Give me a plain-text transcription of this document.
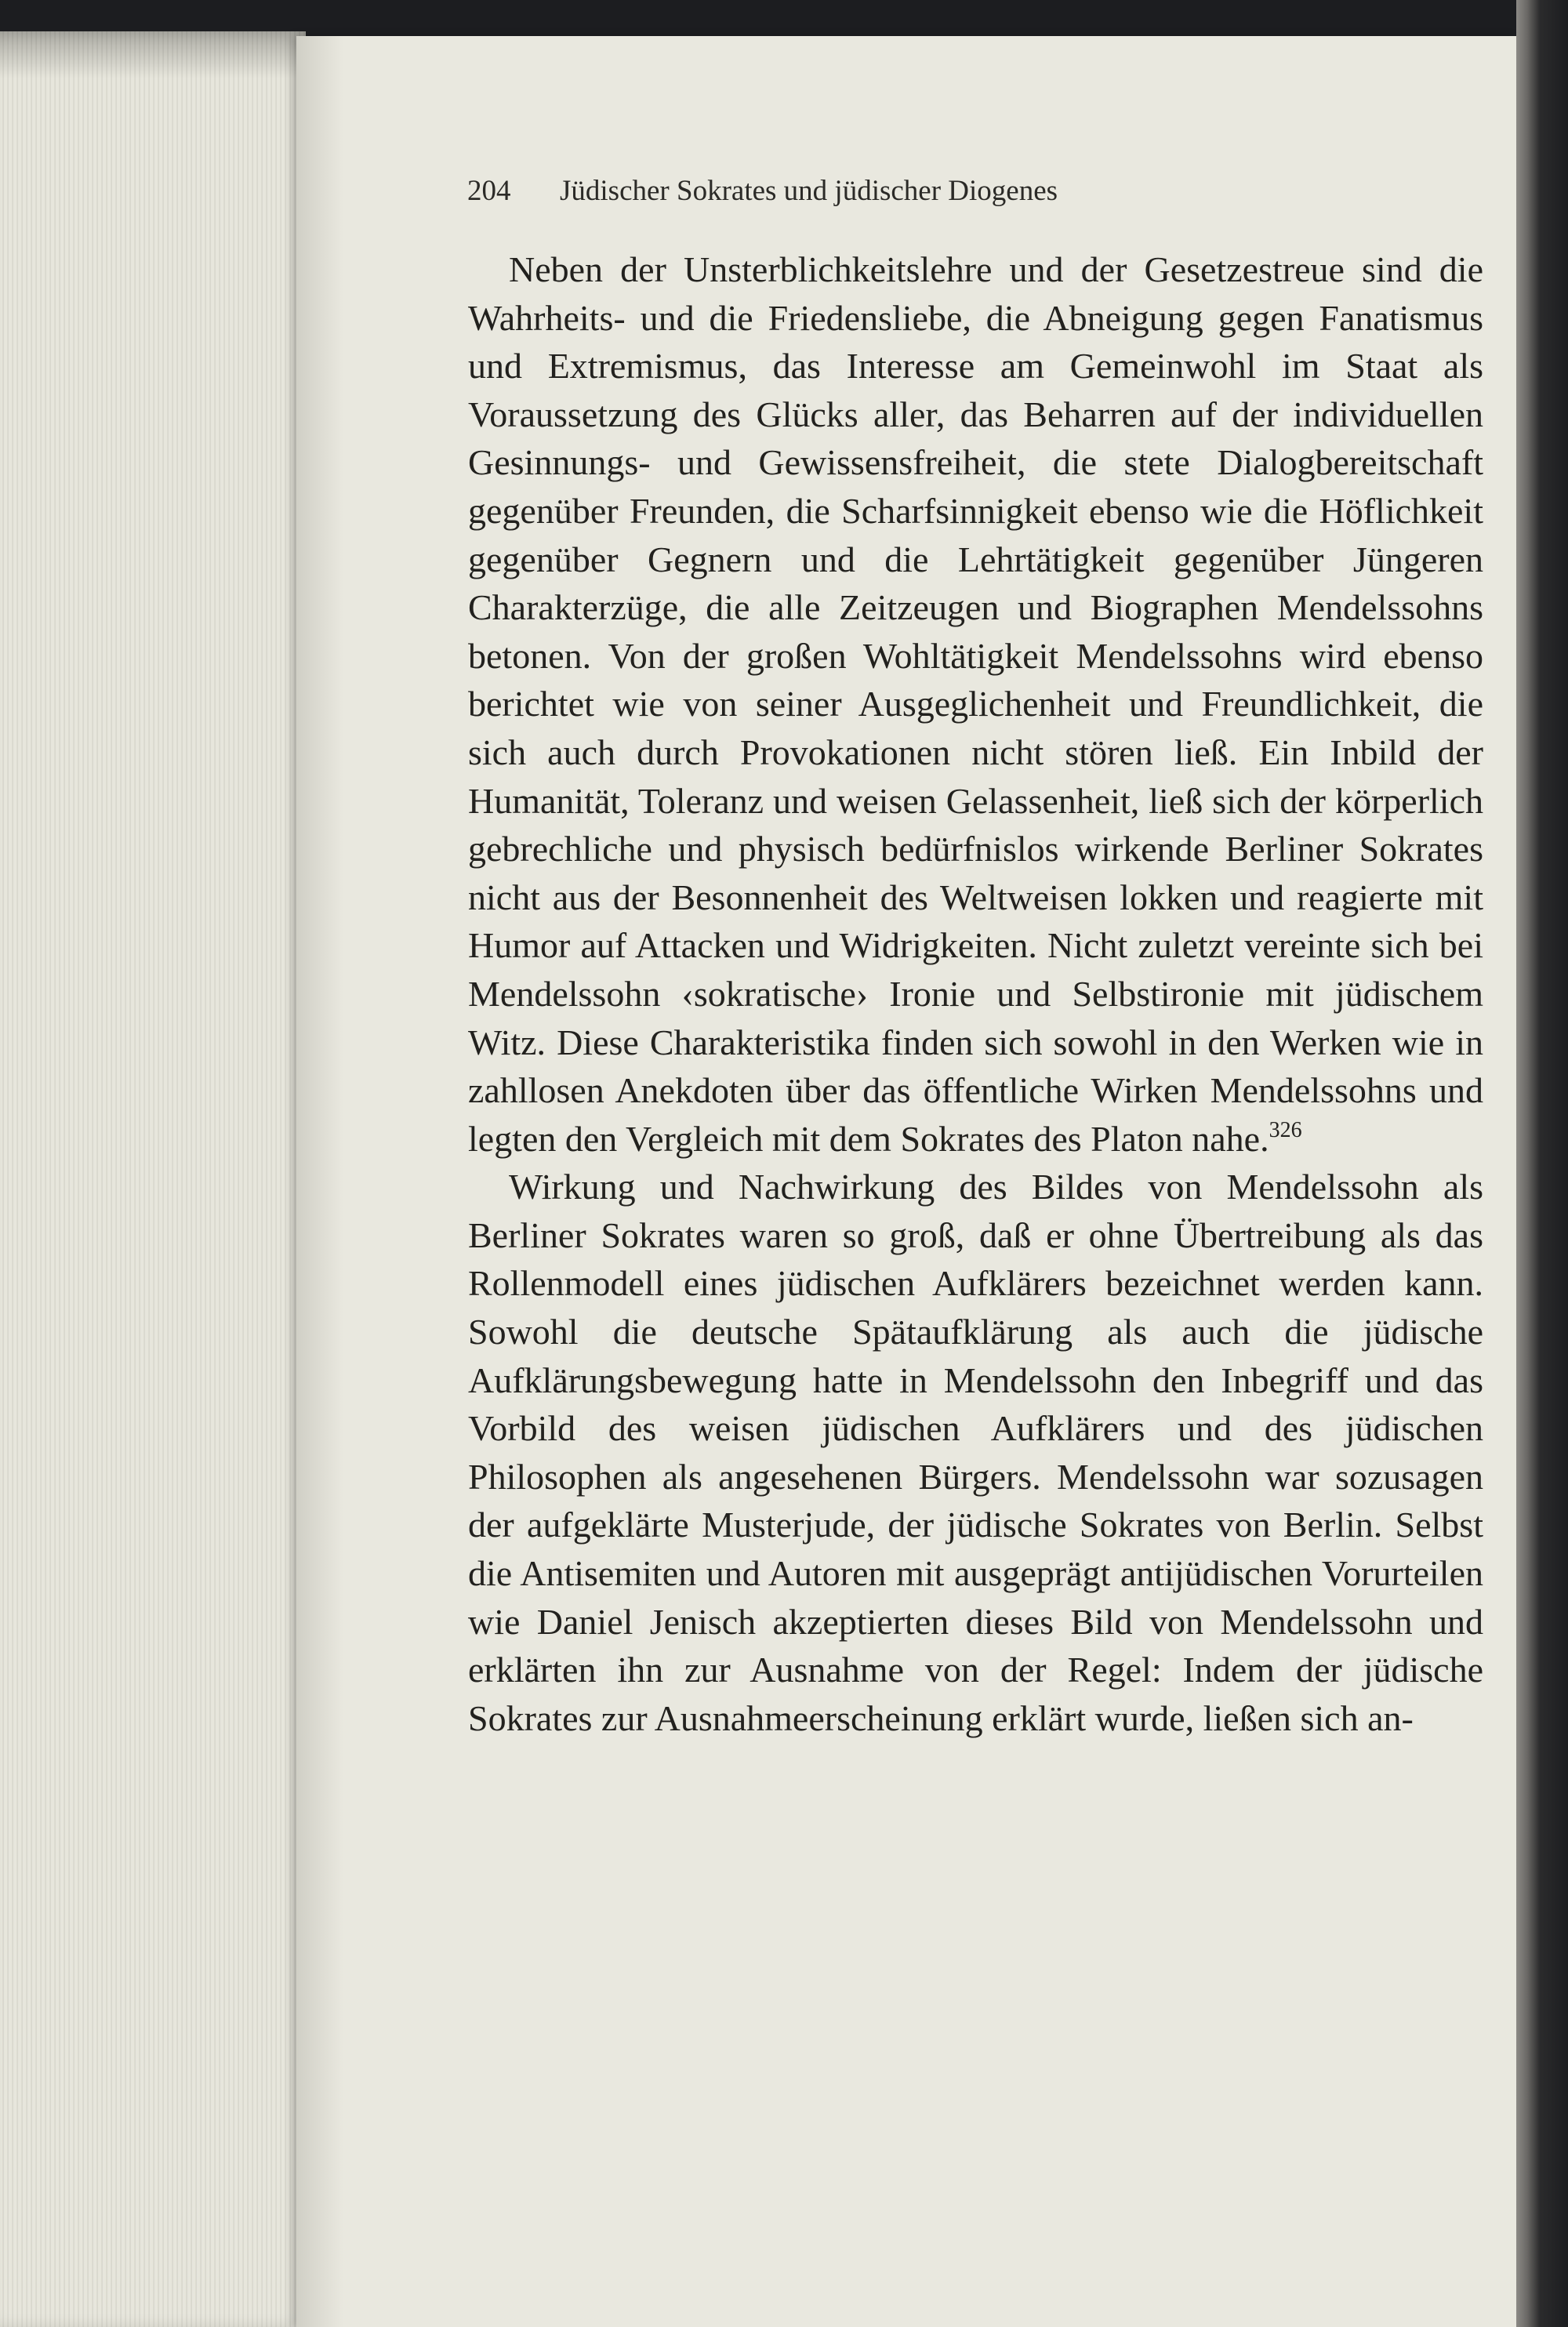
204 Jüdischer Sokrates und jüdischer Diogenes

Neben der Unsterblichkeitslehre und der Gesetzestreue sind die Wahrheits- und die Friedensliebe, die Abneigung gegen Fanatismus und Extremismus, das Interesse am Gemeinwohl im Staat als Voraussetzung des Glücks aller, das Beharren auf der individuellen Gesinnungs- und Gewissensfreiheit, die stete Dialogbereitschaft gegenüber Freunden, die Scharfsinnigkeit ebenso wie die Höflichkeit gegenüber Gegnern und die Lehrtätigkeit gegenüber Jüngeren Charakterzüge, die alle Zeitzeugen und Biographen Mendelssohns betonen. Von der großen Wohltätigkeit Mendelssohns wird ebenso berichtet wie von seiner Ausgeglichenheit und Freundlichkeit, die sich auch durch Provokationen nicht stören ließ. Ein Inbild der Humanität, Toleranz und weisen Gelassenheit, ließ sich der körperlich gebrechliche und physisch bedürfnislos wirkende Berliner Sokrates nicht aus der Besonnenheit des Weltweisen lokken und reagierte mit Humor auf Attacken und Widrigkeiten. Nicht zuletzt vereinte sich bei Mendelssohn ‹sokratische› Ironie und Selbstironie mit jüdischem Witz. Diese Charakteristika finden sich sowohl in den Werken wie in zahllosen Anekdoten über das öffentliche Wirken Mendelssohns und legten den Vergleich mit dem Sokrates des Platon nahe.$^{326}$

Wirkung und Nachwirkung des Bildes von Mendelssohn als Berliner Sokrates waren so groß, daß er ohne Übertreibung als das Rollenmodell eines jüdischen Aufklärers bezeichnet werden kann. Sowohl die deutsche Spätaufklärung als auch die jüdische Aufklärungsbewegung hatte in Mendelssohn den Inbegriff und das Vorbild des weisen jüdischen Aufklärers und des jüdischen Philosophen als angesehenen Bürgers. Mendelssohn war sozusagen der aufgeklärte Musterjude, der jüdische Sokrates von Berlin. Selbst die Antisemiten und Autoren mit ausgeprägt antijüdischen Vorurteilen wie Daniel Jenisch akzeptierten dieses Bild von Mendelssohn und erklärten ihn zur Ausnahme von der Regel: Indem der jüdische Sokrates zur Ausnahmeerscheinung erklärt wurde, ließen sich an-
